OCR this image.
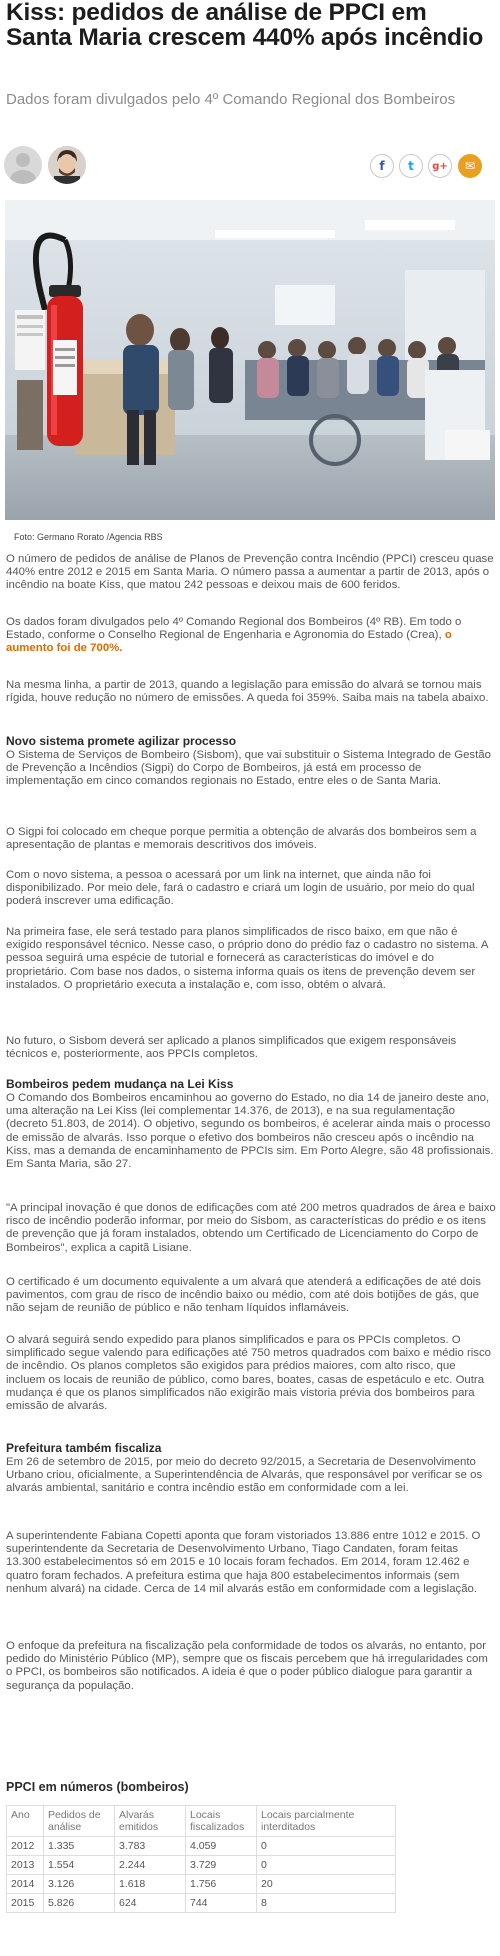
Kiss: pedidos de análise de PPCI em Santa Maria crescem 440% após incêndio

Dados foram divulgados pelo 4º Comando Regional dos Bombeiros

f	t	g+	✉
Foto: Germano Rorato /Agencia RBS

O número de pedidos de análise de Planos de Prevenção contra Incêndio (PPCI) cresceu quase 440% entre 2012 e 2015 em Santa Maria. O número passa a aumentar a partir de 2013, após o incêndio na boate Kiss, que matou 242 pessoas e deixou mais de 600 feridos.

Os dados foram divulgados pelo 4º Comando Regional dos Bombeiros (4º RB). Em todo o Estado, conforme o Conselho Regional de Engenharia e Agronomia do Estado (Crea), o aumento foi de 700%.

Na mesma linha, a partir de 2013, quando a legislação para emissão do alvará se tornou mais rígida, houve redução no número de emissões. A queda foi 359%. Saiba mais na tabela abaixo.

Novo sistema promete agilizar processo

O Sistema de Serviços de Bombeiro (Sisbom), que vai substituir o Sistema Integrado de Gestão de Prevenção a Incêndios (Sigpi) do Corpo de Bombeiros, já está em processo de implementação em cinco comandos regionais no Estado, entre eles o de Santa Maria.

O Sigpi foi colocado em cheque porque permitia a obtenção de alvarás dos bombeiros sem a apresentação de plantas e memorais descritivos dos imóveis.

Com o novo sistema, a pessoa o acessará por um link na internet, que ainda não foi disponibilizado. Por meio dele, fará o cadastro e criará um login de usuário, por meio do qual poderá inscrever uma edificação.

Na primeira fase, ele será testado para planos simplificados de risco baixo, em que não é exigido responsável técnico. Nesse caso, o próprio dono do prédio faz o cadastro no sistema. A pessoa seguirá uma espécie de tutorial e fornecerá as características do imóvel e do proprietário. Com base nos dados, o sistema informa quais os itens de prevenção devem ser instalados. O proprietário executa a instalação e, com isso, obtém o alvará.

No futuro, o Sisbom deverá ser aplicado a planos simplificados que exigem responsáveis técnicos e, posteriormente, aos PPCIs completos.

Bombeiros pedem mudança na Lei Kiss

O Comando dos Bombeiros encaminhou ao governo do Estado, no dia 14 de janeiro deste ano, uma alteração na Lei Kiss (lei complementar 14.376, de 2013), e na sua regulamentação (decreto 51.803, de 2014). O objetivo, segundo os bombeiros, é acelerar ainda mais o processo de emissão de alvarás. Isso porque o efetivo dos bombeiros não cresceu após o incêndio na Kiss, mas a demanda de encaminhamento de PPCIs sim. Em Porto Alegre, são 48 profissionais. Em Santa Maria, são 27.

"A principal inovação é que donos de edificações com até 200 metros quadrados de área e baixo risco de incêndio poderão informar, por meio do Sisbom, as características do prédio e os itens de prevenção que já foram instalados, obtendo um Certificado de Licenciamento do Corpo de Bombeiros", explica a capitã Lisiane.

O certificado é um documento equivalente a um alvará que atenderá a edificações de até dois pavimentos, com grau de risco de incêndio baixo ou médio, com até dois botijões de gás, que não sejam de reunião de público e não tenham líquidos inflamáveis.

O alvará seguirá sendo expedido para planos simplificados e para os PPCIs completos. O simplificado segue valendo para edificações até 750 metros quadrados com baixo e médio risco de incêndio. Os planos completos são exigidos para prédios maiores, com alto risco, que incluem os locais de reunião de público, como bares, boates, casas de espetáculo e etc. Outra mudança é que os planos simplificados não exigirão mais vistoria prévia dos bombeiros para emissão de alvarás.

Prefeitura também fiscaliza

Em 26 de setembro de 2015, por meio do decreto 92/2015, a Secretaria de Desenvolvimento Urbano criou, oficialmente, a Superintendência de Alvarás, que responsável por verificar se os alvarás ambiental, sanitário e contra incêndio estão em conformidade com a lei.

A superintendente Fabiana Copetti aponta que foram vistoriados 13.886 entre 1012 e 2015. O superintendente da Secretaria de Desenvolvimento Urbano, Tiago Candaten, foram feitas 13.300 estabelecimentos só em 2015 e 10 locais foram fechados. Em 2014, foram 12.462 e quatro foram fechados. A prefeitura estima que haja 800 estabelecimentos informais (sem nenhum alvará) na cidade. Cerca de 14 mil alvarás estão em conformidade com a legislação.

O enfoque da prefeitura na fiscalização pela conformidade de todos os alvarás, no entanto, por pedido do Ministério Público (MP), sempre que os fiscais percebem que há irregularidades com o PPCI, os bombeiros são notificados. A ideia é que o poder público dialogue para garantir a segurança da população.

PPCI em números (bombeiros)
Ano	Pedidos de análise	Alvarás emitidos	Locais fiscalizados	Locais parcialmente interditados
2012	1.335	3.783	4.059	0
2013	1.554	2.244	3.729	0
2014	3.126	1.618	1.756	20
2015	5.826	624	744	8
